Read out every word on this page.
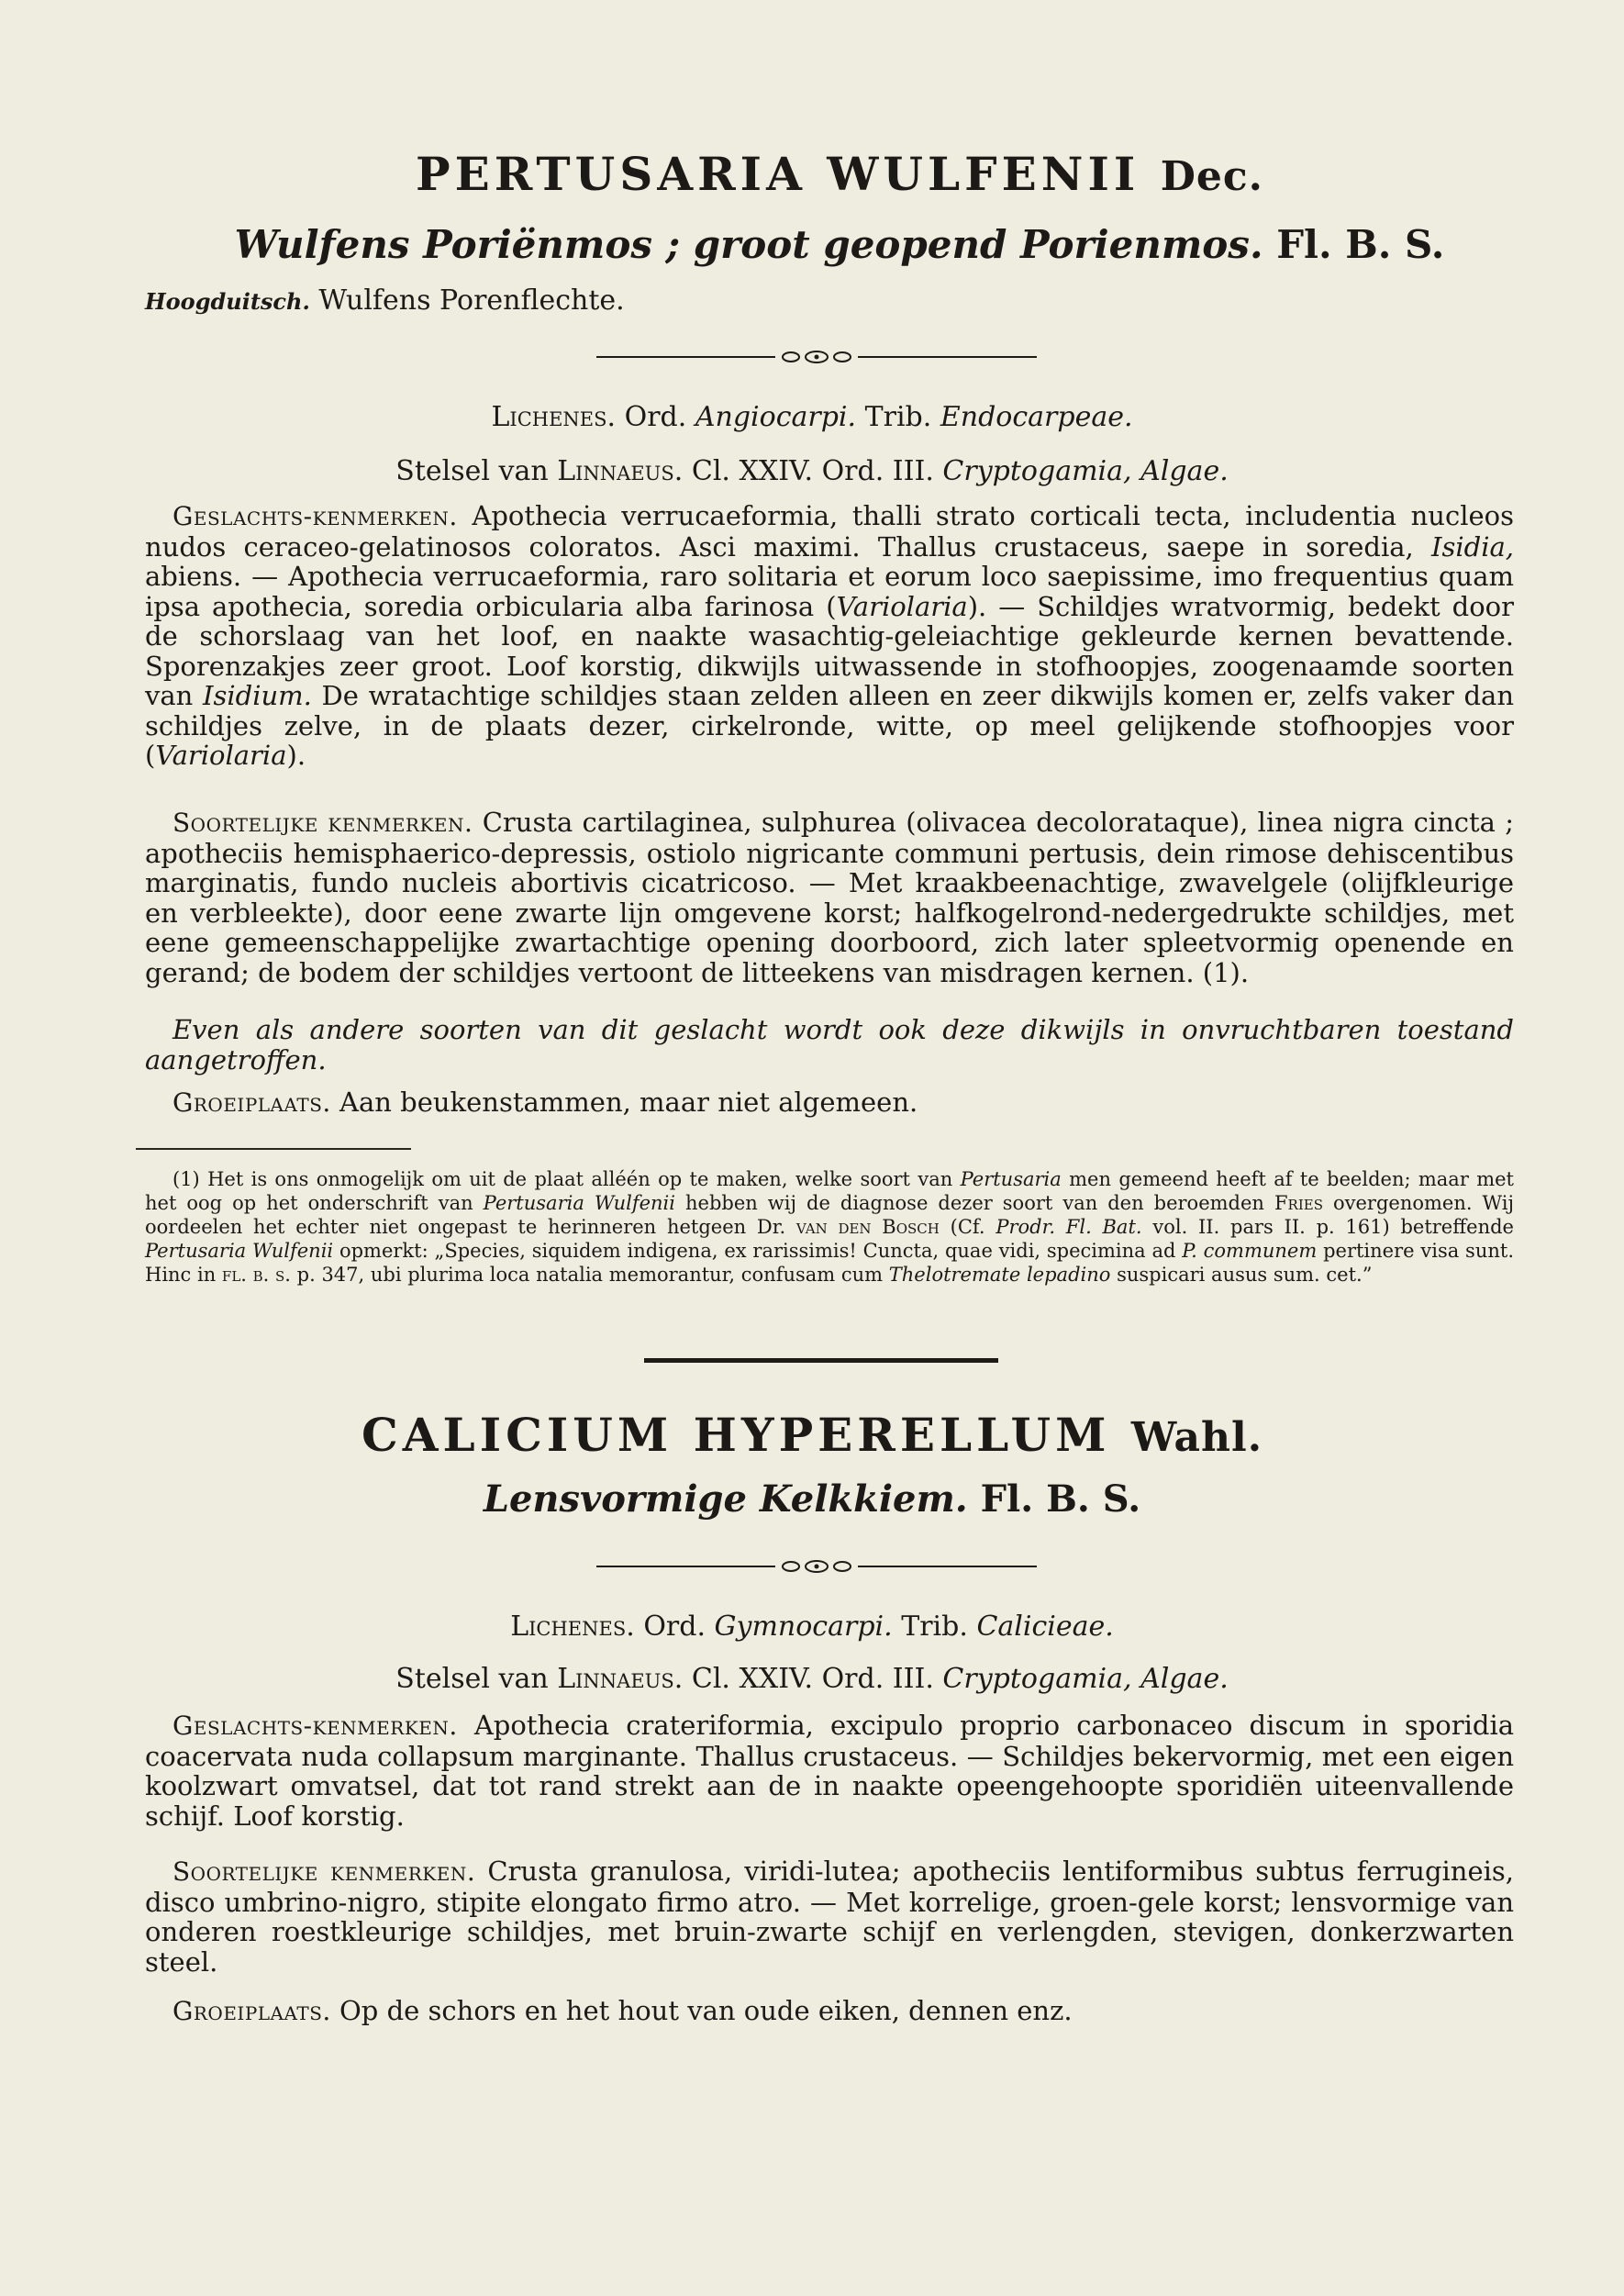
PERTUSARIA WULFENII Dec.
Wulfens Poriënmos ; groot geopend Porienmos. Fl. B. S.
Hoogduitsch. Wulfens Porenflechte.
Lichenes. Ord. Angiocarpi. Trib. Endocarpeae.
Stelsel van Linnaeus. Cl. XXIV. Ord. III. Cryptogamia, Algae.
Geslachts-kenmerken. Apothecia verrucaeformia, thalli strato corticali tecta, includentia nucleos nudos ceraceo-gelatinosos coloratos. Asci maximi. Thallus crustaceus, saepe in soredia, Isidia, abiens. — Apothecia verrucaeformia, raro solitaria et eorum loco saepissime, imo frequentius quam ipsa apothecia, soredia orbicularia alba farinosa (Variolaria). — Schildjes wratvormig, bedekt door de schorslaag van het loof, en naakte wasachtig-geleiachtige gekleurde kernen bevattende. Sporenzakjes zeer groot. Loof korstig, dikwijls uitwassende in stofhoopjes, zoogenaamde soorten van Isidium. De wratachtige schildjes staan zelden alleen en zeer dikwijls komen er, zelfs vaker dan schildjes zelve, in de plaats dezer, cirkelronde, witte, op meel gelijkende stofhoopjes voor (Variolaria).
Soortelijke kenmerken. Crusta cartilaginea, sulphurea (olivacea decolorataque), linea nigra cincta ; apotheciis hemisphaerico-depressis, ostiolo nigricante communi pertusis, dein rimose dehiscentibus marginatis, fundo nucleis abortivis cicatricoso. — Met kraakbeenachtige, zwavelgele (olijfkleurige en verbleekte), door eene zwarte lijn omgevene korst; halfkogelrond-nedergedrukte schildjes, met eene gemeenschappelijke zwartachtige opening doorboord, zich later spleetvormig openende en gerand; de bodem der schildjes vertoont de litteekens van misdragen kernen. (1).
Even als andere soorten van dit geslacht wordt ook deze dikwijls in onvruchtbaren toestand aangetroffen.
Groeiplaats. Aan beukenstammen, maar niet algemeen.
(1) Het is ons onmogelijk om uit de plaat alléén op te maken, welke soort van Pertusaria men gemeend heeft af te beelden; maar met het oog op het onderschrift van Pertusaria Wulfenii hebben wij de diagnose dezer soort van den beroemden Fries overgenomen. Wij oordeelen het echter niet ongepast te herinneren hetgeen Dr. van den Bosch (Cf. Prodr. Fl. Bat. vol. II. pars II. p. 161) betreffende Pertusaria Wulfenii opmerkt: „Species, siquidem indigena, ex rarissimis! Cuncta, quae vidi, specimina ad P. communem pertinere visa sunt. Hinc in fl. b. s. p. 347, ubi plurima loca natalia memorantur, confusam cum Thelotremate lepadino suspicari ausus sum. cet.”
CALICIUM HYPERELLUM Wahl.
Lensvormige Kelkkiem. Fl. B. S.
Lichenes. Ord. Gymnocarpi. Trib. Calicieae.
Stelsel van Linnaeus. Cl. XXIV. Ord. III. Cryptogamia, Algae.
Geslachts-kenmerken. Apothecia crateriformia, excipulo proprio carbonaceo discum in sporidia coacervata nuda collapsum marginante. Thallus crustaceus. — Schildjes bekervormig, met een eigen koolzwart omvatsel, dat tot rand strekt aan de in naakte opeengehoopte sporidiën uiteenvallende schijf. Loof korstig.
Soortelijke kenmerken. Crusta granulosa, viridi-lutea; apotheciis lentiformibus subtus ferrugineis, disco umbrino-nigro, stipite elongato firmo atro. — Met korrelige, groen-gele korst; lensvormige van onderen roestkleurige schildjes, met bruin-zwarte schijf en verlengden, stevigen, donkerzwarten steel.
Groeiplaats. Op de schors en het hout van oude eiken, dennen enz.
